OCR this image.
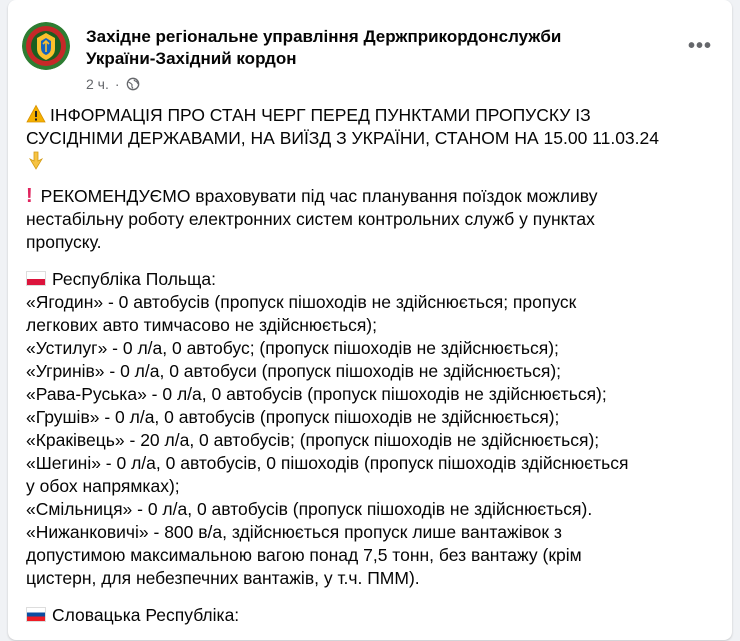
Західне регіональне управління Держприкордонслужби
України-Західний кордон
2 ч. ·
•••
ІНФОРМАЦІЯ ПРО СТАН ЧЕРГ ПЕРЕД ПУНКТАМИ ПРОПУСКУ ІЗ
СУСІДНІМИ ДЕРЖАВАМИ, НА ВИЇЗД З УКРАЇНИ, СТАНОМ НА 15.00 11.03.24
! РЕКОМЕНДУЄМО враховувати під час планування поїздок можливу
нестабільну роботу електронних систем контрольних служб у пунктах
пропуску.
Республіка Польща:
«Ягодин» - 0 автобусів (пропуск пішоходів не здійснюється; пропуск
легкових авто тимчасово не здійснюється);
«Устилуг» - 0 л/а, 0 автобус; (пропуск пішоходів не здійснюється);
«Угринів» - 0 л/а, 0 автобуси (пропуск пішоходів не здійснюється);
«Рава-Руська» - 0 л/а, 0 автобусів (пропуск пішоходів не здійснюється);
«Грушів» - 0 л/а, 0 автобусів (пропуск пішоходів не здійснюється);
«Краківець» - 20 л/а, 0 автобусів; (пропуск пішоходів не здійснюється);
«Шегині» - 0 л/а, 0 автобусів, 0 пішоходів (пропуск пішоходів здійснюється
у обох напрямках);
«Смільниця» - 0 л/а, 0 автобусів (пропуск пішоходів не здійснюється).
«Нижанковичі» - 800 в/а, здійснюється пропуск лише вантажівок з
допустимою максимальною вагою понад 7,5 тонн, без вантажу (крім
цистерн, для небезпечних вантажів, у т.ч. ПММ).
Словацька Республіка:
